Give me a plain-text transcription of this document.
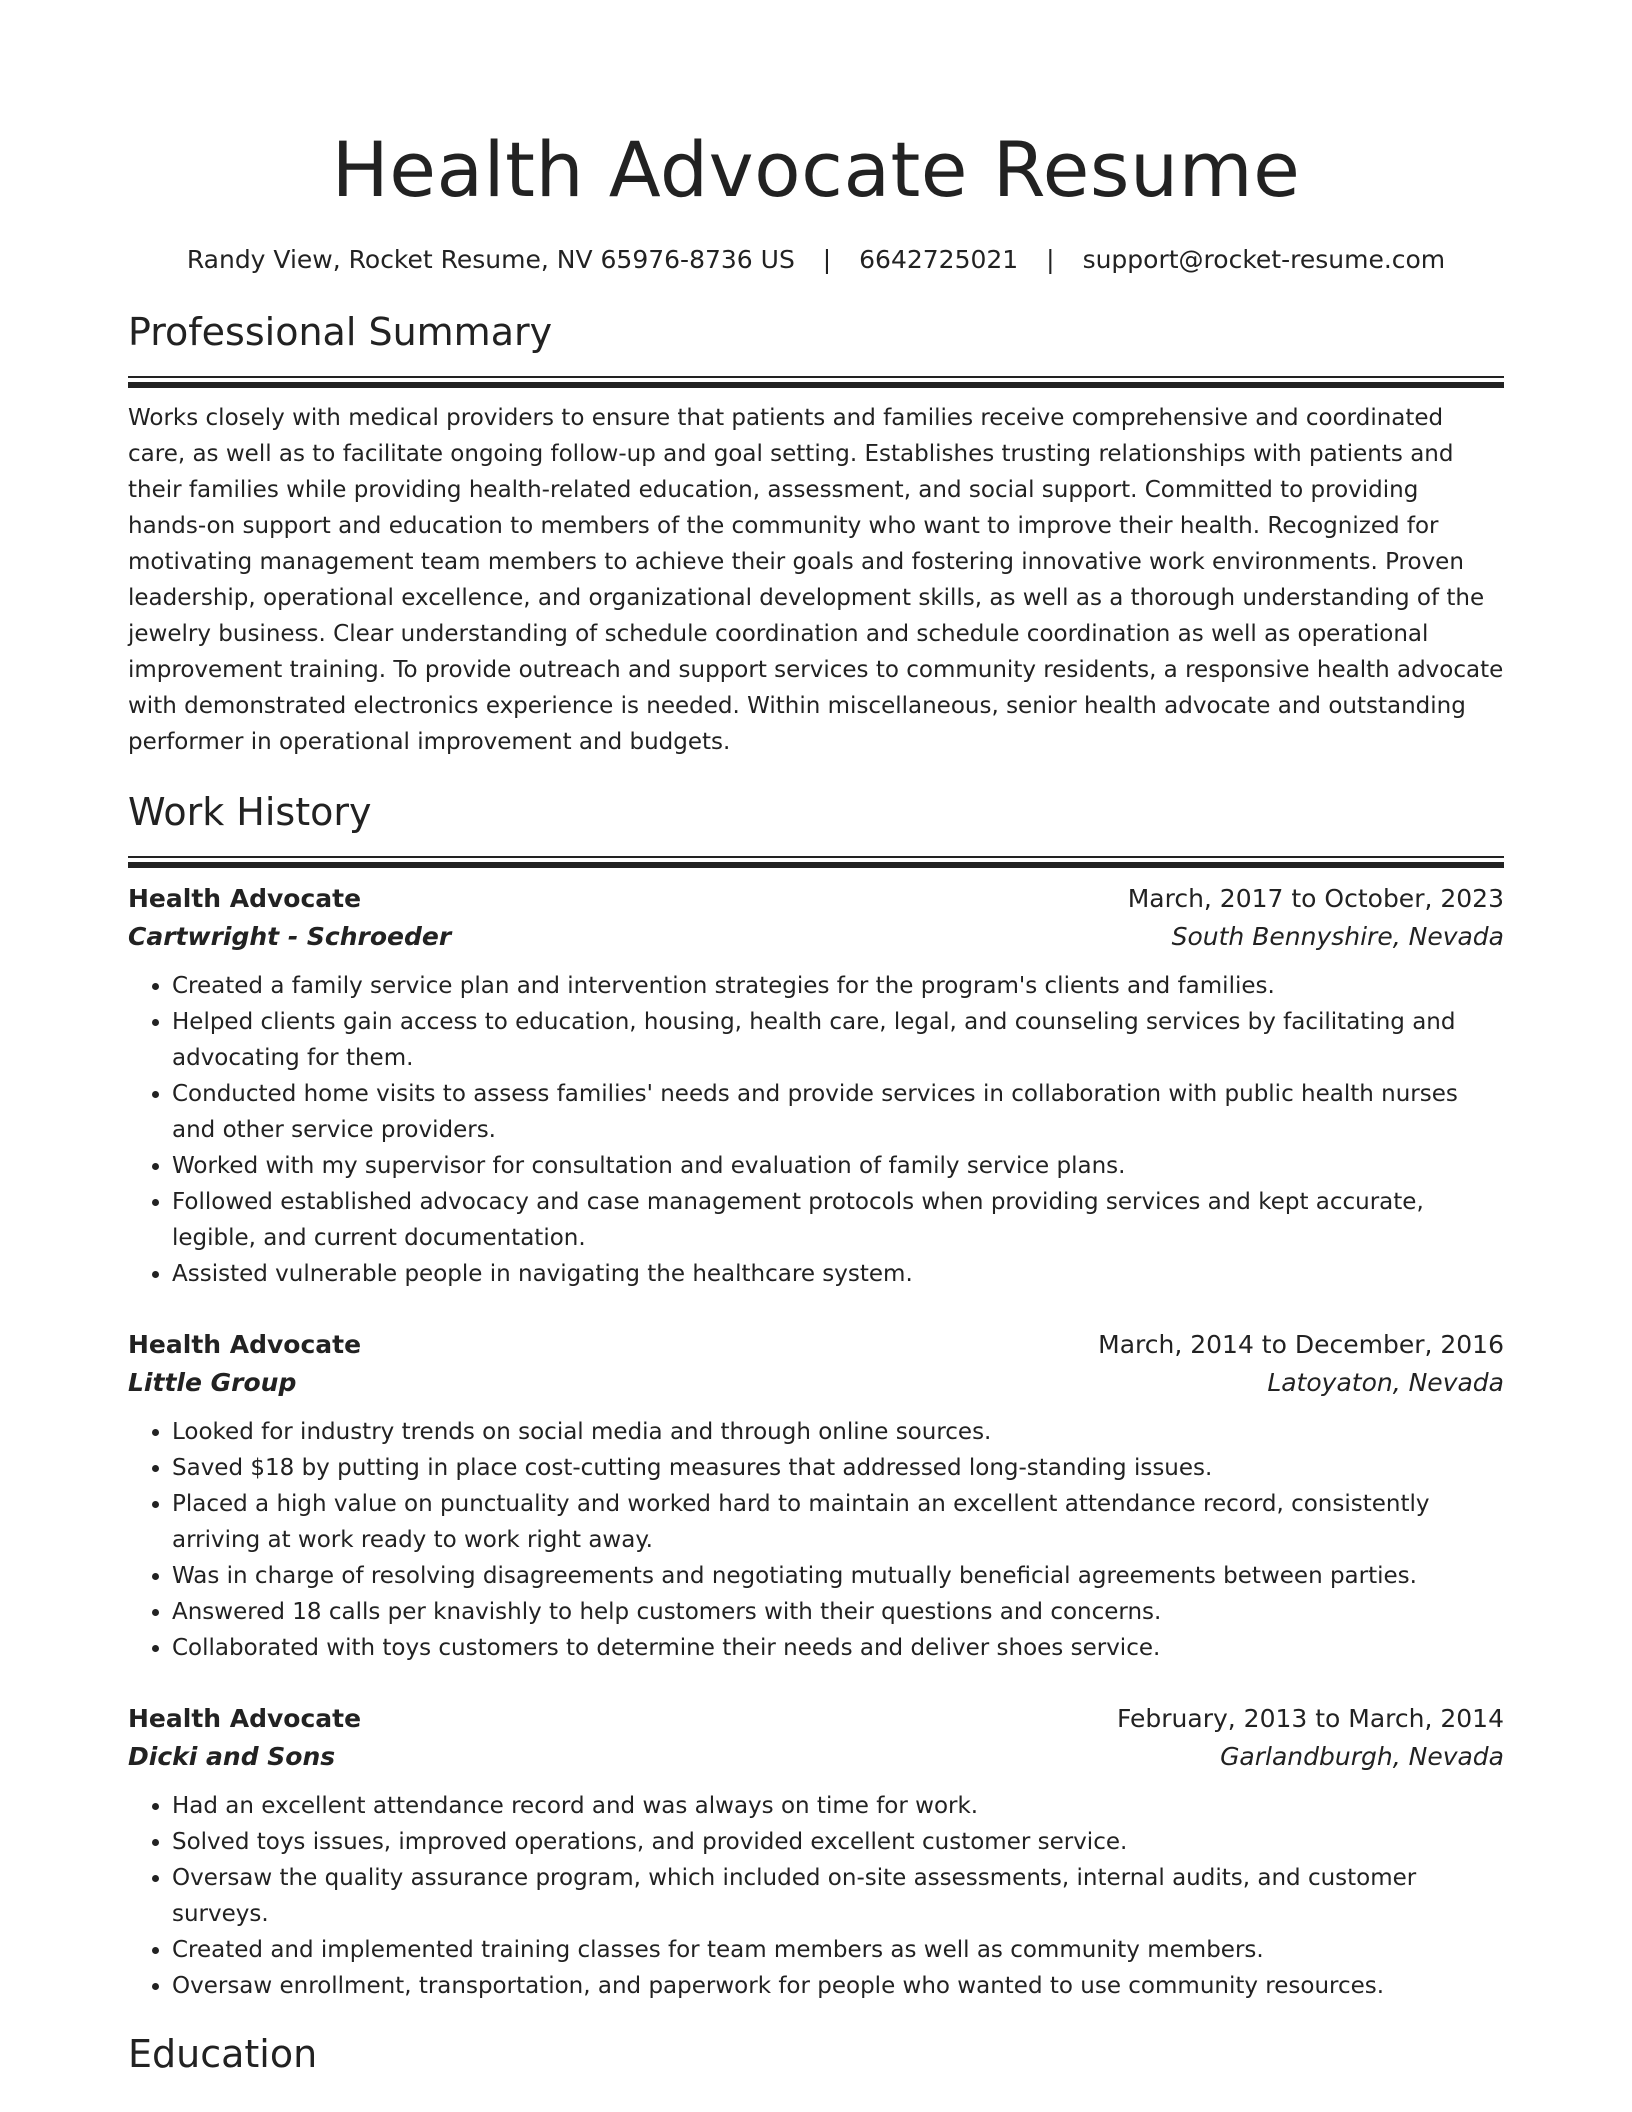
Health Advocate Resume
Randy View, Rocket Resume, NV 65976-8736 US | 6642725021 | support@rocket-resume.com
Professional Summary

Works closely with medical providers to ensure that patients and families receive comprehensive and coordinated care, as well as to facilitate ongoing follow-up and goal setting. Establishes trusting relationships with patients and their families while providing health-related education, assessment, and social support. Committed to providing hands-on support and education to members of the community who want to improve their health. Recognized for motivating management team members to achieve their goals and fostering innovative work environments. Proven leadership, operational excellence, and organizational development skills, as well as a thorough understanding of the jewelry business. Clear understanding of schedule coordination and schedule coordination as well as operational improvement training. To provide outreach and support services to community residents, a responsive health advocate with demonstrated electronics experience is needed. Within miscellaneous, senior health advocate and outstanding performer in operational improvement and budgets.

Work History
Health Advocate	March, 2017 to October, 2023
Cartwright - Schroeder	South Bennyshire, Nevada
• Created a family service plan and intervention strategies for the program's clients and families.
• Helped clients gain access to education, housing, health care, legal, and counseling services by facilitating and advocating for them.
• Conducted home visits to assess families' needs and provide services in collaboration with public health nurses and other service providers.
• Worked with my supervisor for consultation and evaluation of family service plans.
• Followed established advocacy and case management protocols when providing services and kept accurate, legible, and current documentation.
• Assisted vulnerable people in navigating the healthcare system.
Health Advocate	March, 2014 to December, 2016
Little Group	Latoyaton, Nevada
• Looked for industry trends on social media and through online sources.
• Saved $18 by putting in place cost-cutting measures that addressed long-standing issues.
• Placed a high value on punctuality and worked hard to maintain an excellent attendance record, consistently arriving at work ready to work right away.
• Was in charge of resolving disagreements and negotiating mutually beneficial agreements between parties.
• Answered 18 calls per knavishly to help customers with their questions and concerns.
• Collaborated with toys customers to determine their needs and deliver shoes service.
Health Advocate	February, 2013 to March, 2014
Dicki and Sons	Garlandburgh, Nevada
• Had an excellent attendance record and was always on time for work.
• Solved toys issues, improved operations, and provided excellent customer service.
• Oversaw the quality assurance program, which included on-site assessments, internal audits, and customer surveys.
• Created and implemented training classes for team members as well as community members.
• Oversaw enrollment, transportation, and paperwork for people who wanted to use community resources.
Education
